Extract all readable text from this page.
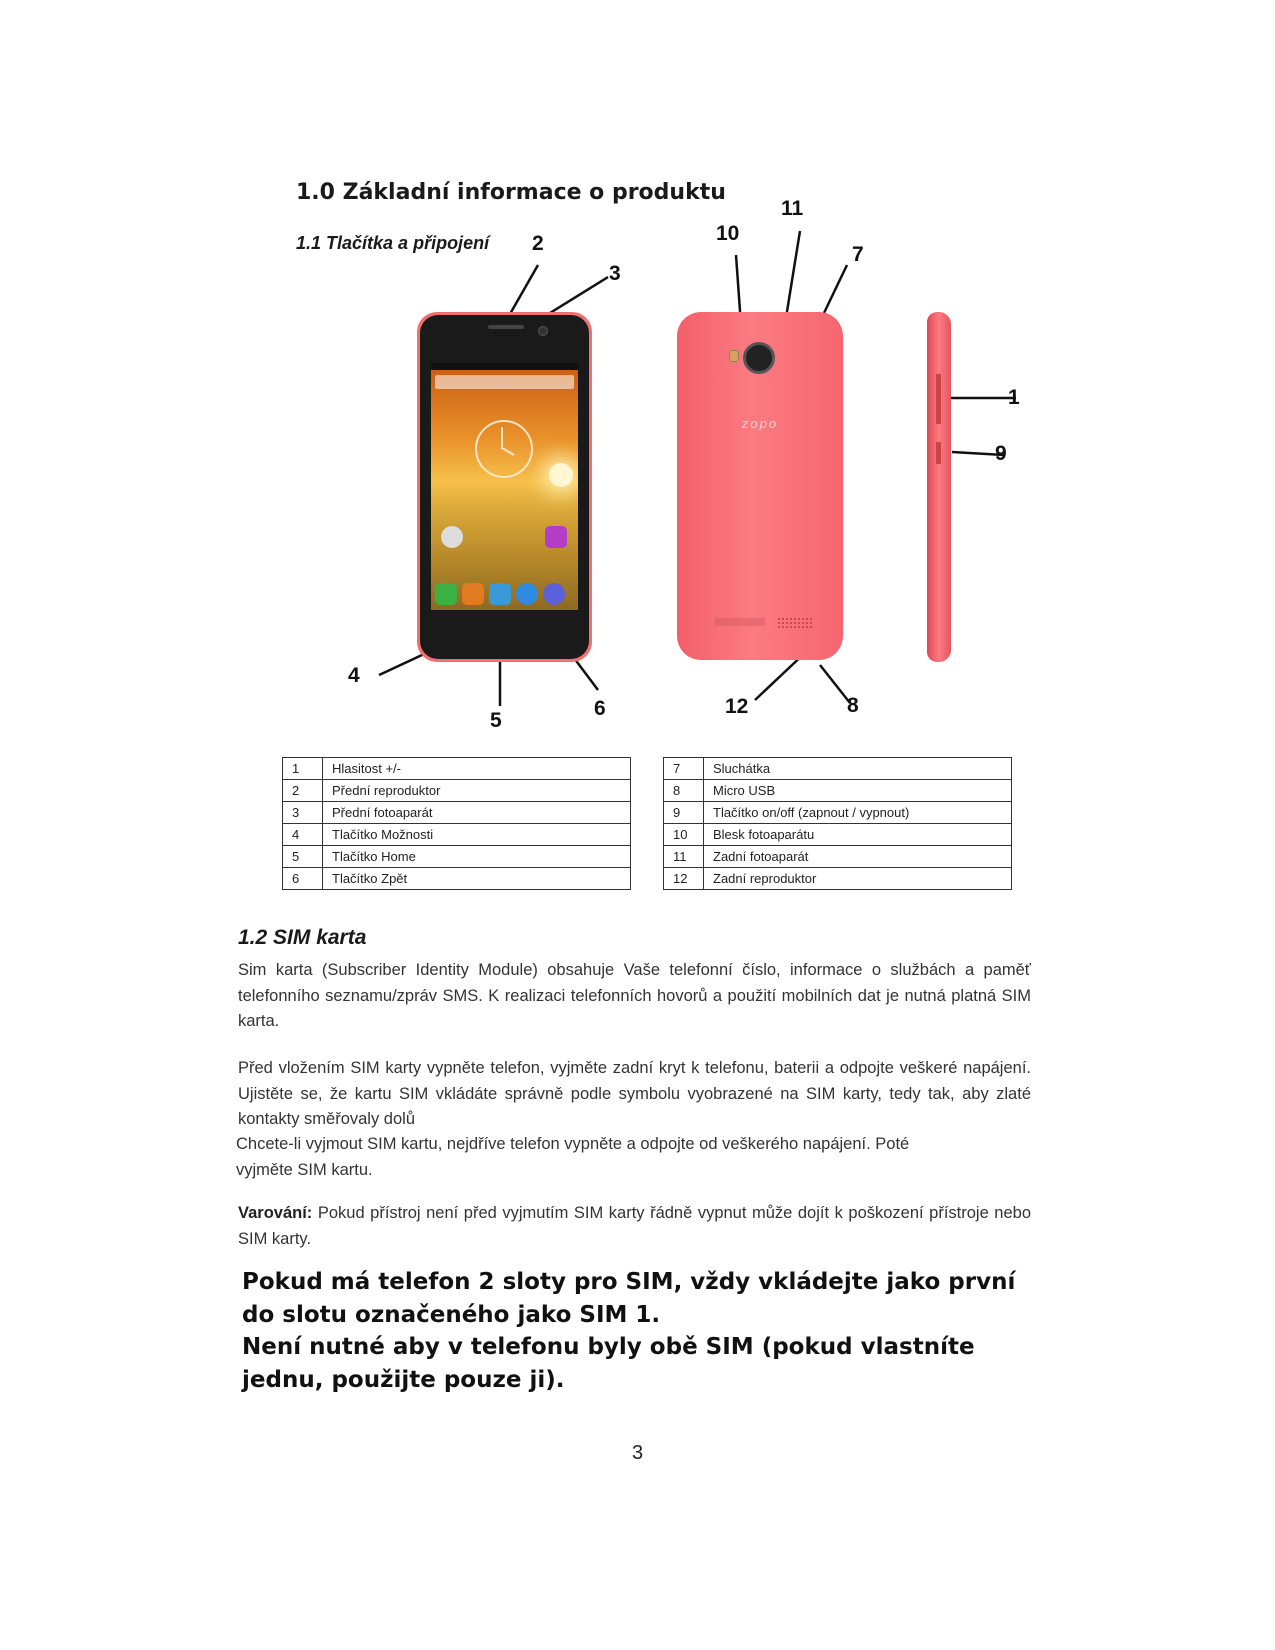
1.0 Základní informace o produktu
1.1 Tlačítka a připojení
zopo
1
2
3
4
5
6
7
8
9
10
11
12
1	Hlasitost +/-
2	Přední reproduktor
3	Přední fotoaparát
4	Tlačítko Možnosti
5	Tlačítko Home
6	Tlačítko Zpět
7	Sluchátka
8	Micro USB
9	Tlačítko on/off (zapnout / vypnout)
10	Blesk fotoaparátu
11	Zadní fotoaparát
12	Zadní reproduktor
1.2 SIM karta
Sim karta (Subscriber Identity Module) obsahuje Vaše telefonní číslo, informace o službách a paměť telefonního seznamu/zpráv SMS. K realizaci telefonních hovorů a použití mobilních dat je nutná platná SIM karta.
Před vložením SIM karty vypněte telefon, vyjměte zadní kryt k telefonu, baterii a odpojte veškeré napájení. Ujistěte se, že kartu SIM vkládáte správně podle symbolu vyobrazené na SIM karty, tedy tak, aby zlaté kontakty směřovaly dolů
Chcete-li vyjmout SIM kartu, nejdříve telefon vypněte a odpojte od veškerého napájení. Poté vyjměte SIM kartu.
Varování: Pokud přístroj není před vyjmutím SIM karty řádně vypnut může dojít k poškození přístroje nebo SIM karty.
Pokud má telefon 2 sloty pro SIM, vždy vkládejte jako první do slotu označeného jako SIM 1.
Není nutné aby v telefonu byly obě SIM (pokud vlastníte jednu, použijte pouze ji).
3
